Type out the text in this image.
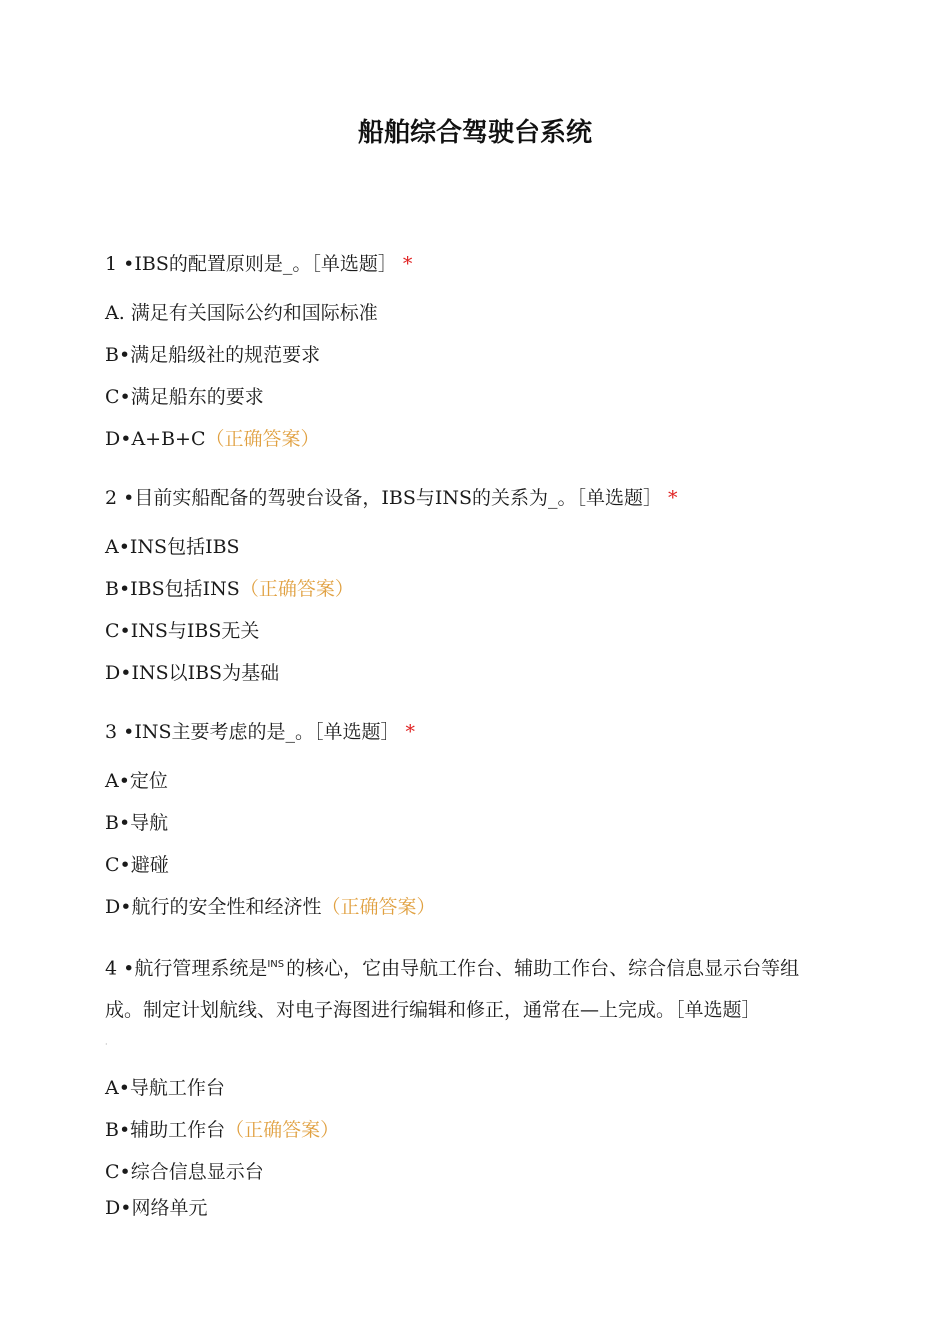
船舶综合驾驶台系统
1 •IBS的配置原则是_。［单选题］ *
A. 满足有关国际公约和国际标准
B•满足船级社的规范要求
C•满足船东的要求
D•A+B+C（正确答案）
2 •目前实船配备的驾驶台设备，IBS与INS的关系为_。［单选题］ *
A•INS包括IBS
B•IBS包括INS（正确答案）
C•INS与IBS无关
D•INS以IBS为基础
3 •INS主要考虑的是_。［单选题］ *
A•定位
B•导航
C•避碰
D•航行的安全性和经济性（正确答案）
4 •航行管理系统是$^{INS}$ 的核心，它由导航工作台、辅助工作台、综合信息显示台等组成。制定计划航线、对电子海图进行编辑和修正，通常在—上完成。［单选题］
·
A•导航工作台
B•辅助工作台（正确答案）
C•综合信息显示台
D•网络单元
